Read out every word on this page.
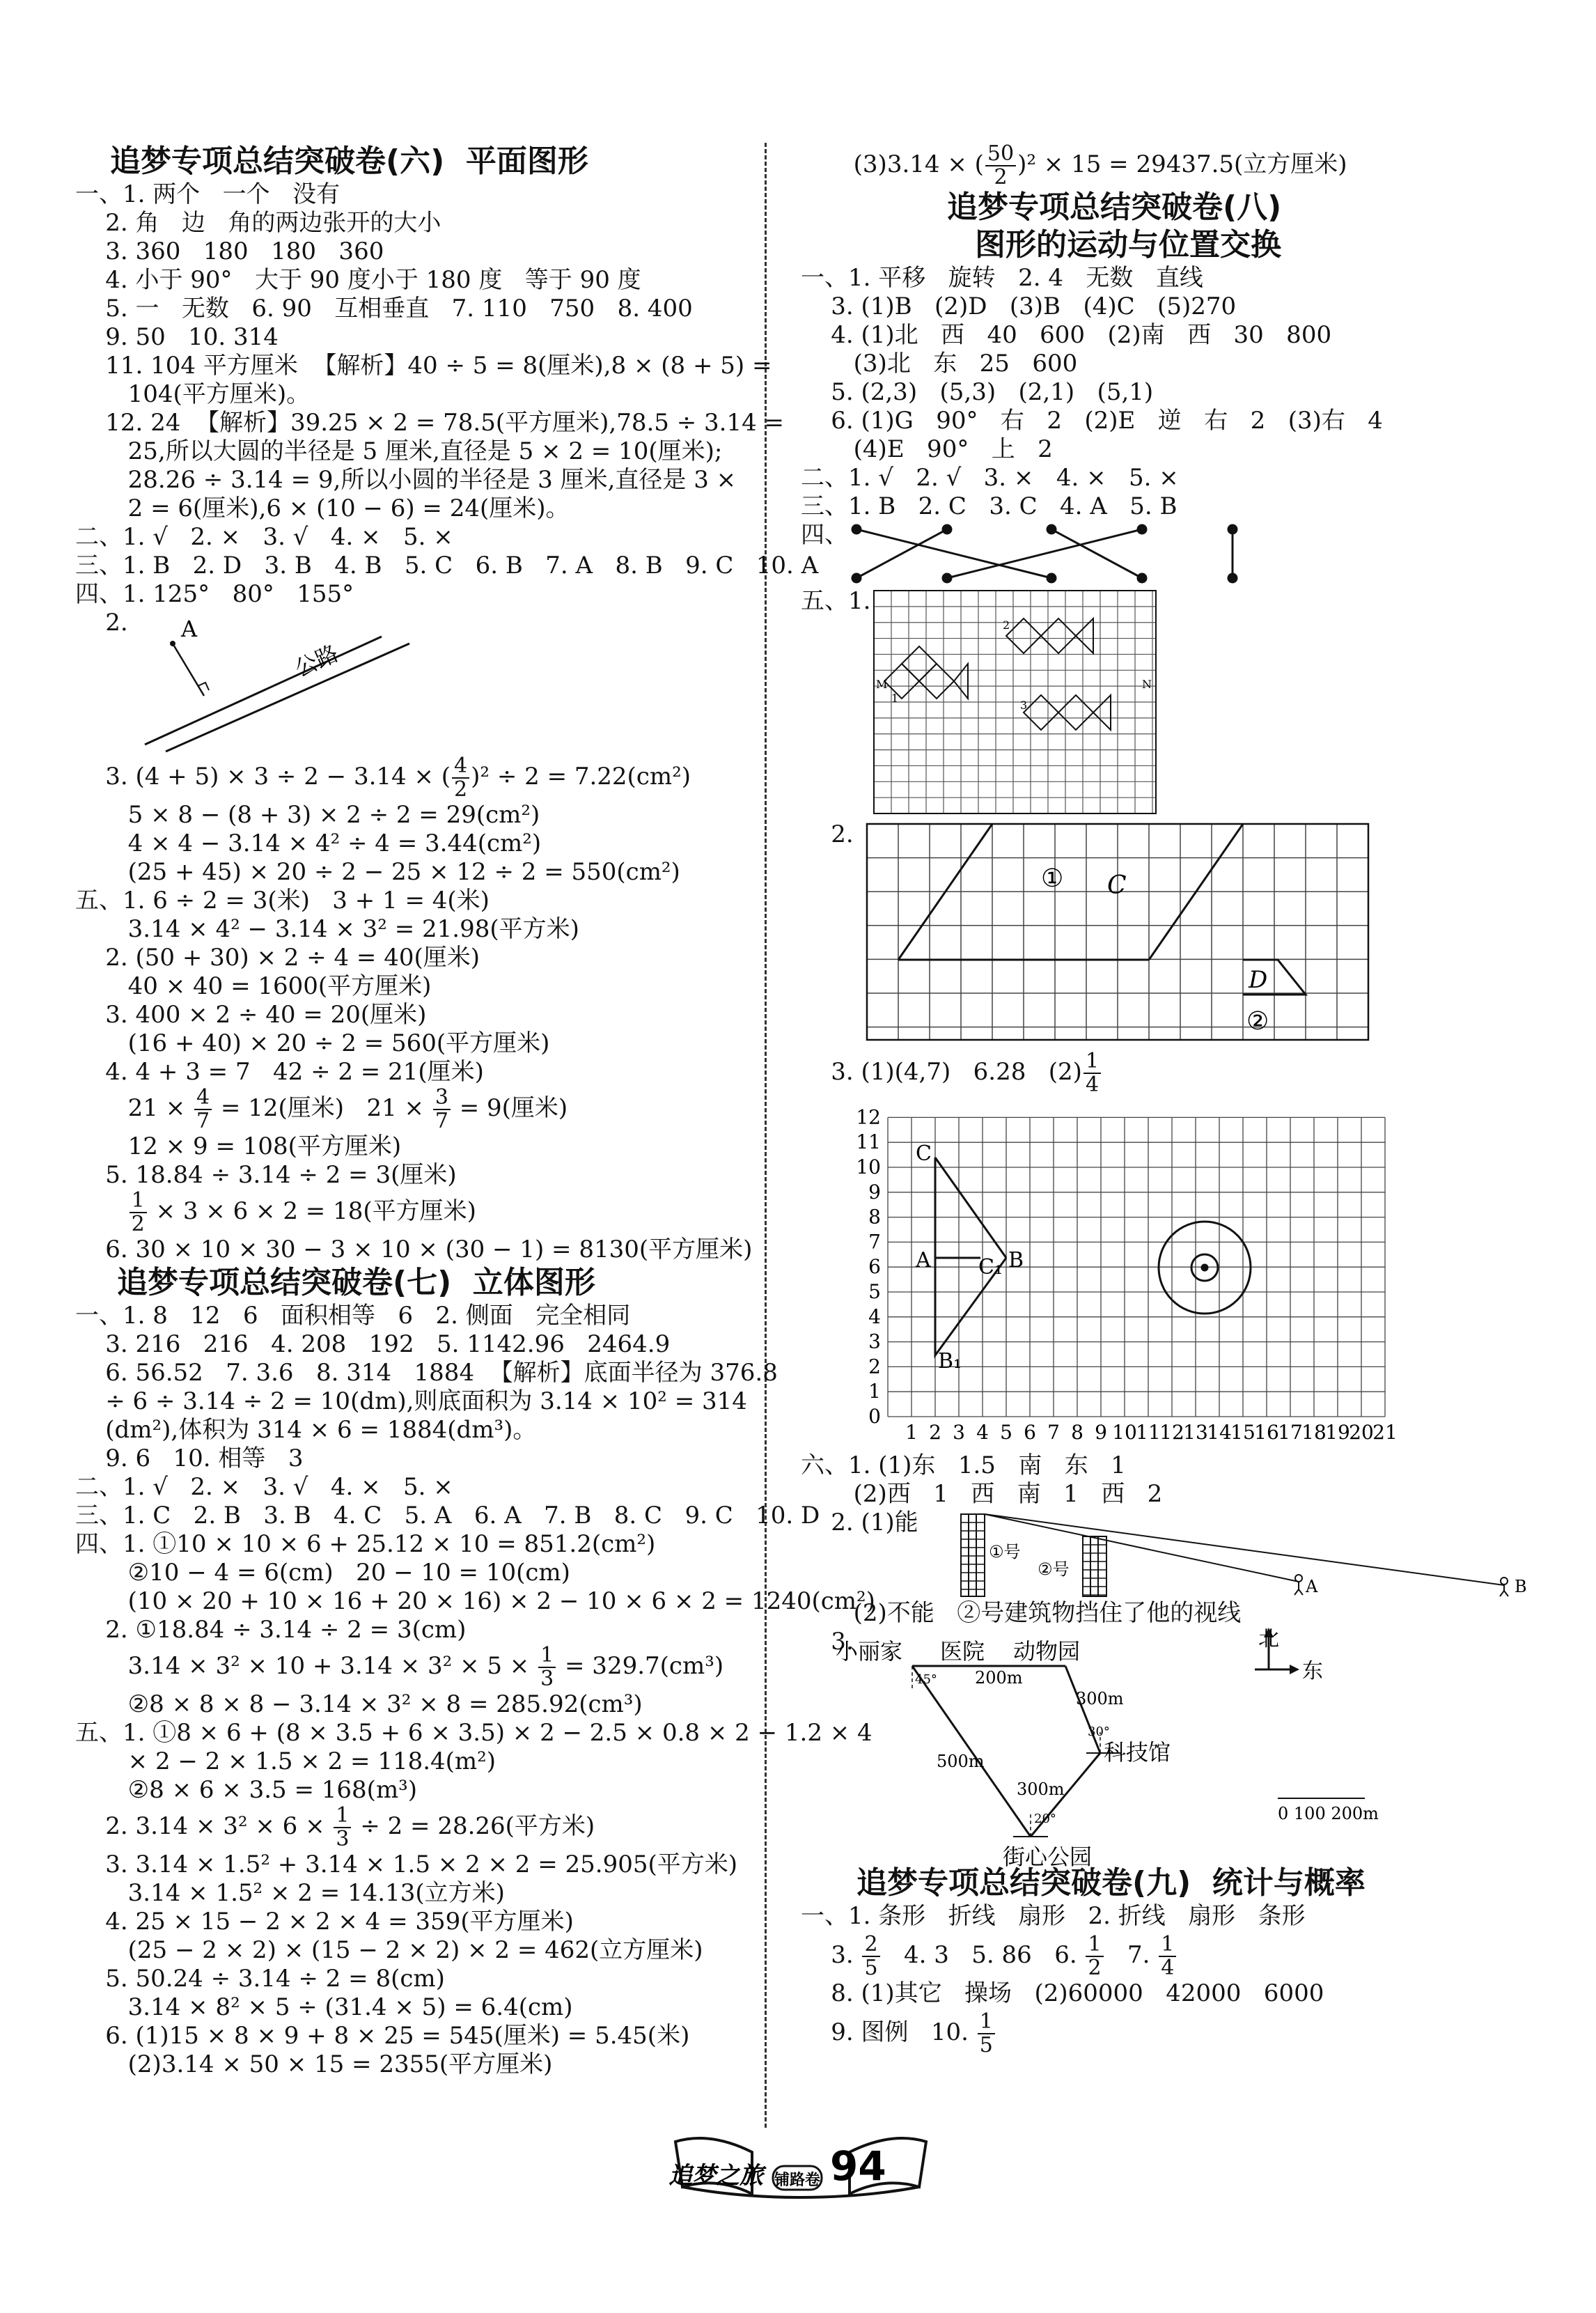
追梦专项总结突破卷(六)  平面图形
一、1. 两个   一个   没有
2. 角   边   角的两边张开的大小
3. 360   180   180   360
4. 小于 90°   大于 90 度小于 180 度   等于 90 度
5. 一   无数   6. 90   互相垂直   7. 110   750   8. 400
9. 50   10. 314
11. 104 平方厘米  【解析】40 ÷ 5 = 8(厘米),8 × (8 + 5) =
104(平方厘米)。
12. 24  【解析】39.25 × 2 = 78.5(平方厘米),78.5 ÷ 3.14 =
25,所以大圆的半径是 5 厘米,直径是 5 × 2 = 10(厘米);
28.26 ÷ 3.14 = 9,所以小圆的半径是 3 厘米,直径是 3 ×
2 = 6(厘米),6 × (10 − 6) = 24(厘米)。
二、1. √   2. ×   3. √   4. ×   5. ×
三、1. B   2. D   3. B   4. B   5. C   6. B   7. A   8. B   9. C   10. A
四、1. 125°   80°   155°
2. A
公路
3. (4 + 5) × 3 ÷ 2 − 3.14 × ( $\frac{4}{2} )^2 \div 2 = 7.22(cm^2)$
5 × 8 − (8 + 3) × 2 ÷ 2 = 29(cm²)
4 × 4 − 3.14 × 4² ÷ 4 = 3.44(cm²)
(25 + 45) × 20 ÷ 2 − 25 × 12 ÷ 2 = 550(cm²)
五、1. 6 ÷ 2 = 3(米)   3 + 1 = 4(米)
3.14 × 4² − 3.14 × 3² = 21.98(平方米)
2. (50 + 30) × 2 ÷ 4 = 40(厘米)
40 × 40 = 1600(平方厘米)
3. 400 × 2 ÷ 40 = 20(厘米)
(16 + 40) × 20 ÷ 2 = 560(平方厘米)
4. 4 + 3 = 7   42 ÷ 2 = 21(厘米)
$21 \times \frac{4}{7} = 12$(厘米)   $21 \times \frac{3}{7} = 9$(厘米)
12 × 9 = 108(平方厘米)
5. 18.84 ÷ 3.14 ÷ 2 = 3(厘米)

$\frac{1}{2} \times 3 \times 6 \times 2 = 18$(平方厘米)
6. 30 × 10 × 30 − 3 × 10 × (30 − 1) = 8130(平方厘米)
追梦专项总结突破卷(七)  立体图形
一、1. 8   12   6   面积相等   6   2. 侧面   完全相同
3. 216   216   4. 208   192   5. 1142.96   2464.9
6. 56.52   7. 3.6   8. 314   1884  【解析】底面半径为 376.8
÷ 6 ÷ 3.14 ÷ 2 = 10(dm),则底面积为 3.14 × 10² = 314
(dm²),体积为 314 × 6 = 1884(dm³)。
9. 6   10. 相等   3
二、1. √   2. ×   3. √   4. ×   5. ×
三、1. C   2. B   3. B   4. C   5. A   6. A   7. B   8. C   9. C   10. D
四、1. ①10 × 10 × 6 + 25.12 × 10 = 851.2(cm²)
②10 − 4 = 6(cm)   20 − 10 = 10(cm)
(10 × 20 + 10 × 16 + 20 × 16) × 2 − 10 × 6 × 2 = 1240(cm²)
2. ①18.84 ÷ 3.14 ÷ 2 = 3(cm)
$3.14 \times 3^2 \times 10 + 3.14 \times 3^2 \times 5 \times \frac{1}{3} = 329.7(cm^3)$
②8 × 8 × 8 − 3.14 × 3² × 8 = 285.92(cm³)
五、1. ①8 × 6 + (8 × 3.5 + 6 × 3.5) × 2 − 2.5 × 0.8 × 2 − 1.2 × 4
× 2 − 2 × 1.5 × 2 = 118.4(m²)
②8 × 6 × 3.5 = 168(m³)
2. $3.14 \times 3^2 \times 6 \times \frac{1}{3} \div 2 = 28.26$(平方米)
3. 3.14 × 1.5² + 3.14 × 1.5 × 2 × 2 = 25.905(平方米)
3.14 × 1.5² × 2 = 14.13(立方米)
4. 25 × 15 − 2 × 2 × 4 = 359(平方厘米)
(25 − 2 × 2) × (15 − 2 × 2) × 2 = 462(立方厘米)
5. 50.24 ÷ 3.14 ÷ 2 = 8(cm)
3.14 × 8² × 5 ÷ (31.4 × 5) = 6.4(cm)
6. (1)15 × 8 × 9 + 8 × 25 = 545(厘米) = 5.45(米)
(2)3.14 × 50 × 15 = 2355(平方厘米)
(3)3.14 × ( $\frac{50}{2} )^2 \times 15 = 29437.5$(立方厘米)
追梦专项总结突破卷(八)
图形的运动与位置交换
一、1. 平移   旋转   2. 4   无数   直线
3. (1)B   (2)D   (3)B   (4)C   (5)270
4. (1)北   西   40   600   (2)南   西   30   800
(3)北   东   25   600
5. (2,3)   (5,3)   (2,1)   (5,1)
6. (1)G   90°   右   2   (2)E   逆   右   2   (3)右   4
(4)E   90°   上   2
二、1. √   2. √   3. ×   4. ×   5. ×
三、1. B   2. C   3. C   4. A   5. B
四、
五、1.
M	N
1
2
3
2.
① C
D
②
3. (1)(4,7)   6.28   $(2) \frac{1}{4}$
C
A	B
C₁
B₁
0
1
2
3
4
5
6
7
8
9
10
11
12
1 2 3 4 5 6 7 8 9 10
11
12
13
14
15
16
17
18
19
20
21
六、1. (1)东   1.5   南   东   1
(2)西   1   西   南   1   西   2
2. (1)能
①号
②号
A	B
(2)不能   ②号建筑物挡住了他的视线
3.
小丽家 医院 动物园	北
东
科技馆
街心公园
200m
300m
500m
300m
0 100 200m
45°
30°
20°
追梦专项总结突破卷(九)  统计与概率
一、1. 条形   折线   扇形   2. 折线   扇形   条形
3. $\frac{2}{5} 4$. 3   5. 86   6. $\frac{1}{2} 7$. $\frac{1}{4}$
8. (1)其它   操场   (2)60000   42000   6000
9. 图例   10. $\frac{1}{5}$
追梦之旅 铺路卷 94
